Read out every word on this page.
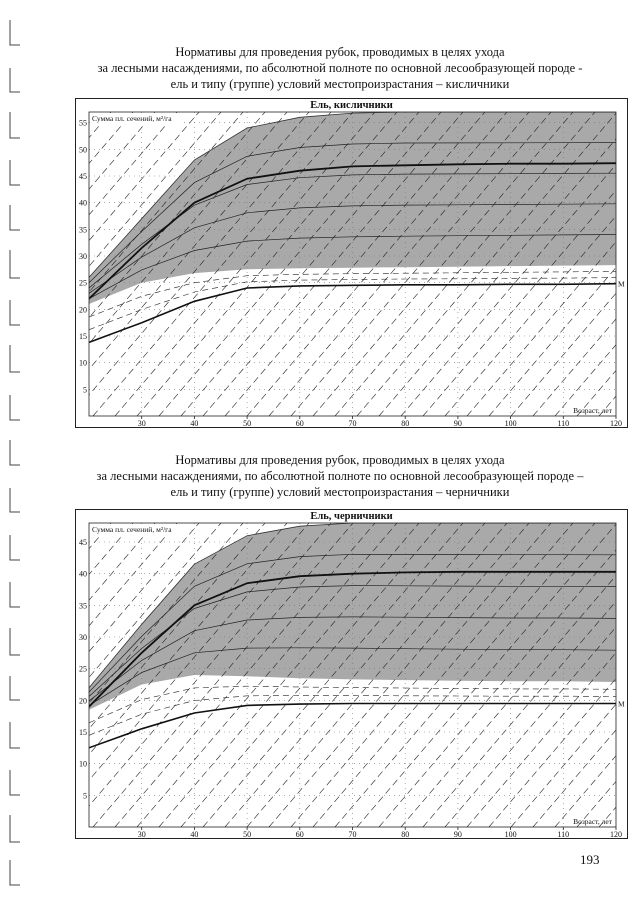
Нормативы для проведения рубок, проводимых в целях ухода
за лесными насаждениями, по абсолютной полноте по основной лесообразующей породе -
ель и типу (группе) условий местопроизрастания – кисличники
30	40	50	60	70	80	90	100	110	120
5
10
15
20
25
30
35
40
45
50
55
Ель, кисличники
Сумма пл. сечений, м²/га
Возраст, лет
M
Нормативы для проведения рубок, проводимых в целях ухода
за лесными насаждениями, по абсолютной полноте по основной лесообразующей породе –
ель и типу (группе) условий местопроизрастания – черничники
30	40	50	60	70	80	90	100	110	120
5
10
15
20
25
30
35
40
45
Ель, черничники
Сумма пл. сечений, м²/га
Возраст, лет
M
193
